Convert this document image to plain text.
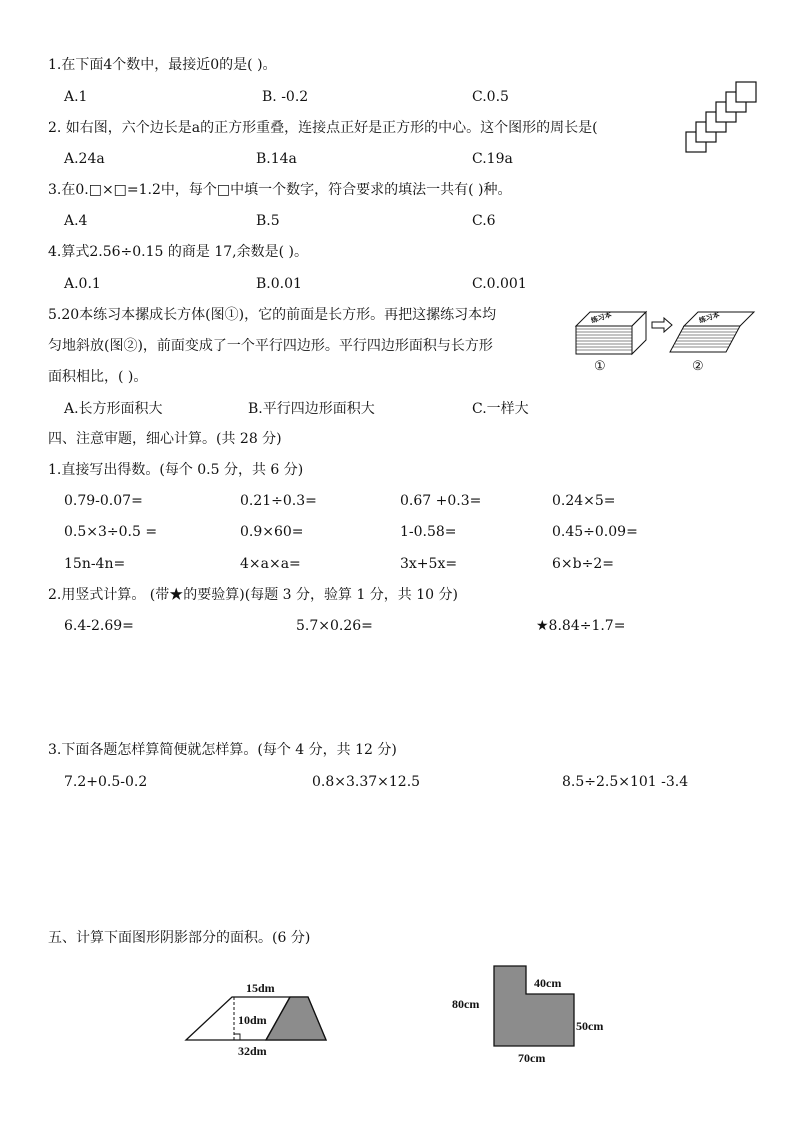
1.在下面4个数中，最接近0的是( )。
A.1	B. -0.2	C.0.5
2. 如右图，六个边长是a的正方形重叠，连接点正好是正方形的中心。这个图形的周长是(
A.24a	B.14a	C.19a
3.在0.□×□=1.2中，每个□中填一个数字，符合要求的填法一共有( )种。
A.4	B.5	C.6
4.算式2.56÷0.15 的商是 17,余数是( )。
A.0.1	B.0.01	C.0.001
5.20本练习本摞成长方体(图①)，它的前面是长方形。再把这摞练习本均
匀地斜放(图②)，前面变成了一个平行四边形。平行四边形面积与长方形
面积相比，( )。
A.长方形面积大	B.平行四边形面积大	C.一样大
练习本	练习本
①	②
四、注意审题，细心计算。(共 28 分)
1.直接写出得数。(每个 0.5 分，共 6 分)
0.79-0.07=	0.21÷0.3=	0.67 +0.3=	0.24×5=
0.5×3÷0.5 =	0.9×60=	1-0.58=	0.45÷0.09=
15n-4n=	4×a×a=	3x+5x=	6×b÷2=
2.用竖式计算。 (带★的要验算)(每题 3 分，验算 1 分，共 10 分)
6.4-2.69=	5.7×0.26=	★8.84÷1.7=
3.下面各题怎样算简便就怎样算。(每个 4 分，共 12 分)
7.2+0.5-0.2	0.8×3.37×12.5	8.5÷2.5×101 -3.4
五、计算下面图形阴影部分的面积。(6 分)
15dm
10dm
32dm
40cm
80cm
50cm
70cm
